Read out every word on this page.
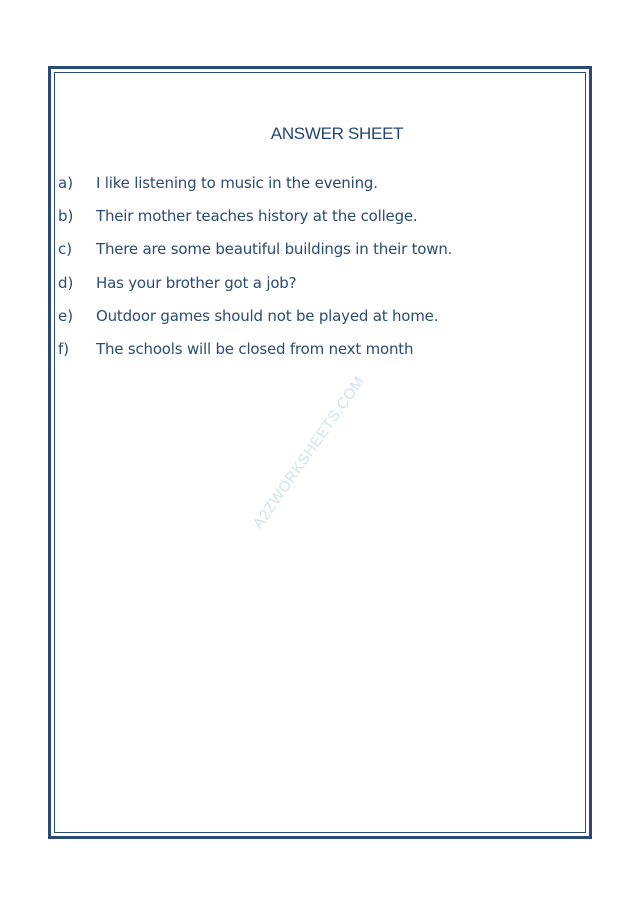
ANSWER SHEET
A2ZWORKSHEETS.COM
a) I like listening to music in the evening.
b) Their mother teaches history at the college.
c) There are some beautiful buildings in their town.
d) Has your brother got a job?
e) Outdoor games should not be played at home.
f) The schools will be closed from next month
